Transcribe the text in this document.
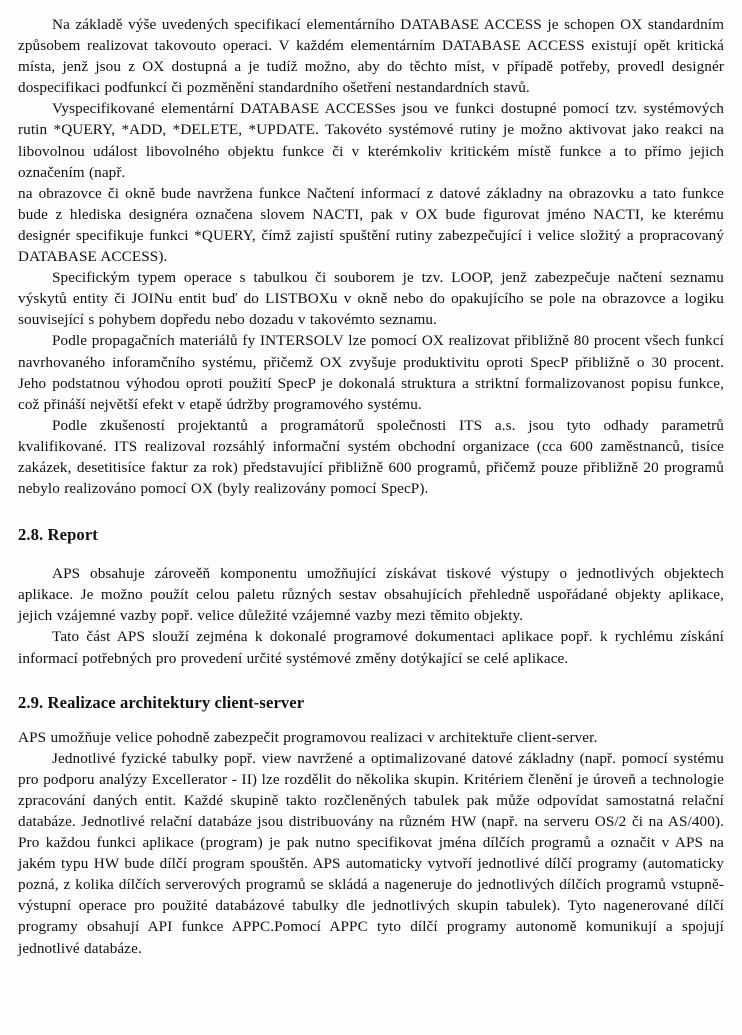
Na základě výše uvedených specifikací elementárního DATABASE ACCESS je schopen OX standardním způsobem realizovat takovouto operaci. V každém elementárním DATABASE ACCESS existují opět kritická místa, jenž jsou z OX dostupná a je tudíž možno, aby do těchto míst, v případě potřeby, provedl designér dospecifikaci podfunkcí či pozměnění standardního ošetření nestandardních stavů.

Vyspecifikované elementární DATABASE ACCESSes jsou ve funkci dostupné pomocí tzv. systémových rutin *QUERY, *ADD, *DELETE, *UPDATE. Takovéto systémové rutiny je možno aktivovat jako reakci na libovolnou událost libovolného objektu funkce či v kterémkoliv kritickém místě funkce a to přímo jejich označením (např.

na obrazovce či okně bude navržena funkce Načtení informací z datové základny na obrazovku a tato funkce bude z hlediska designéra označena slovem NACTI, pak v OX bude figurovat jméno NACTI, ke kterému designér specifikuje funkci *QUERY, čímž zajistí spuštění rutiny zabezpečující i velice složitý a propracovaný DATABASE ACCESS).

Specifickým typem operace s tabulkou či souborem je tzv. LOOP, jenž zabezpečuje načtení seznamu výskytů entity či JOINu entit buď do LISTBOXu v okně nebo do opakujícího se pole na obrazovce a logiku související s pohybem dopředu nebo dozadu v takovémto seznamu.

Podle propagačních materiálů fy INTERSOLV lze pomocí OX realizovat přibližně 80 procent všech funkcí navrhovaného inforamčního systému, přičemž OX zvyšuje produktivitu oproti SpecP přibližně o 30 procent. Jeho podstatnou výhodou oproti použití SpecP je dokonalá struktura a striktní formalizovanost popisu funkce, což přináší největší efekt v etapě údržby programového systému.

Podle zkušeností projektantů a programátorů společnosti ITS a.s. jsou tyto odhady parametrů kvalifikované. ITS realizoval rozsáhlý informační systém obchodní organizace (cca 600 zaměstnanců, tisíce zakázek, desetitisíce faktur za rok) představující přibližně 600 programů, přičemž pouze přibližně 20 programů nebylo realizováno pomocí OX (byly realizovány pomocí SpecP).

2.8. Report

APS obsahuje zároveěň komponentu umožňující získávat tiskové výstupy o jednotlivých objektech aplikace. Je možno použít celou paletu různých sestav obsahujících přehledně uspořádané objekty aplikace, jejich vzájemné vazby popř. velice důležité vzájemné vazby mezi těmito objekty.

Tato část APS slouží zejména k dokonalé programové dokumentaci aplikace popř. k rychlému získání informací potřebných pro provedení určité systémové změny dotýkající se celé aplikace.

2.9. Realizace architektury client-server

APS umožňuje velice pohodně zabezpečit programovou realizaci v architektuře client-server.

Jednotlivé fyzické tabulky popř. view navržené a optimalizované datové základny (např. pomocí systému pro podporu analýzy Excellerator - II) lze rozdělit do několika skupin. Kritériem členění je úroveň a technologie zpracování daných entit. Každé skupině takto rozčleněných tabulek pak může odpovídat samostatná relační databáze. Jednotlivé relační databáze jsou distribuovány na různém HW (např. na serveru OS/2 či na AS/400). Pro každou funkci aplikace (program) je pak nutno specifikovat jména dílčích programů a označit v APS na jakém typu HW bude dílčí program spouštěn. APS automaticky vytvoří jednotlivé dílčí programy (automaticky pozná, z kolika dílčích serverových programů se skládá a nageneruje do jednotlivých dílčích programů vstupně-výstupní operace pro použité databázové tabulky dle jednotlivých skupin tabulek). Tyto nagenerované dílčí programy obsahují API funkce APPC.Pomocí APPC tyto dílčí programy autonomě komunikují a spojují jednotlivé databáze.
